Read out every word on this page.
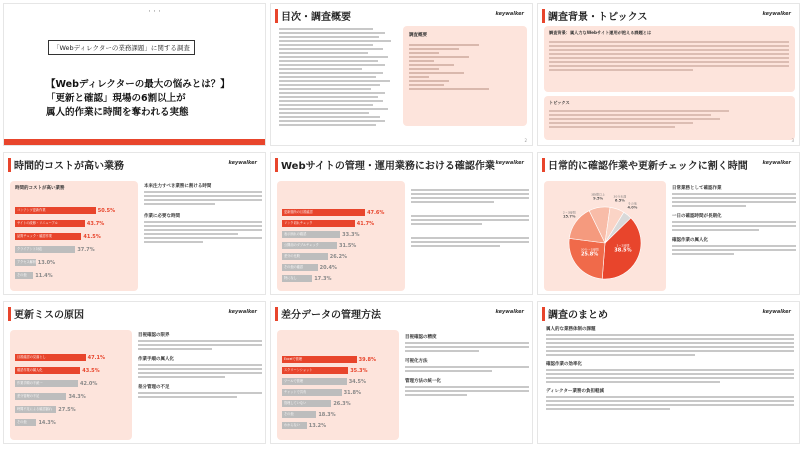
・・・
「Webディレクターの業務課題」に関する調査
【Webディレクターの最大の悩みとは？】
「更新と確認」現場の6割以上が
属人的作業に時間を奪われる実態
目次・調査概要	keywalker
調査概要
2
調査背景・トピックス	keywalker
調査背景：属人力なWebサイト運用が抱える課題とは
トピックス
3
時間的コストが高い業務	keywalker
時間的コストが高い業務
コンテンツ更新作業	50.5%
サイトの改修・リニューアル	43.7%
品質チェック・確認作業	41.5%
クライアント対応	37.7%
アクセス解析 13.0%
その他 11.4%
本来注力すべき業務に割ける時間
作業に必要な時間
Webサイトの管理・運用業務における確認作業 keywalker
更新箇所の目視確認	47.6%
リンク切れチェック	41.7%
表示崩れの確認	33.3%
公開前のダブルチェック	31.5%
差分の比較	26.2%
その他の確認	20.4%
特になし	17.3%
日常的に確認作業や更新チェックに割く時間	keywalker
38.5%
1〜2時間
25.8%
30分〜1時間
15.7%
2〜3時間
9.5%
3時間以上
6.5%
30分未満
4.0%
その他
日常業務として確認作業
一日の確認時間が長期化
確認作業の属人化
更新ミスの原因	keywalker
目視確認の見落とし	47.1%
確認作業の属人化	43.5%
作業手順の不統一	42.0%
差分管理の不足	34.3%
時間不足による確認漏れ 27.5%
その他 14.3%
目視確認の限界
作業手順の属人化
差分管理の不足
差分データの管理方法	keywalker
Excelで管理	39.8%
スクリーンショット	35.3%
ツールで管理	34.5%
チャットで共有	31.8%
管理していない	26.3%
その他	18.3%
わからない 13.2%
目視確認の精度
可視化方法
管理方法の統一化
調査のまとめ	keywalker
属人的な業務体制の課題
確認作業の効率化
ディレクター業務の負担軽減
